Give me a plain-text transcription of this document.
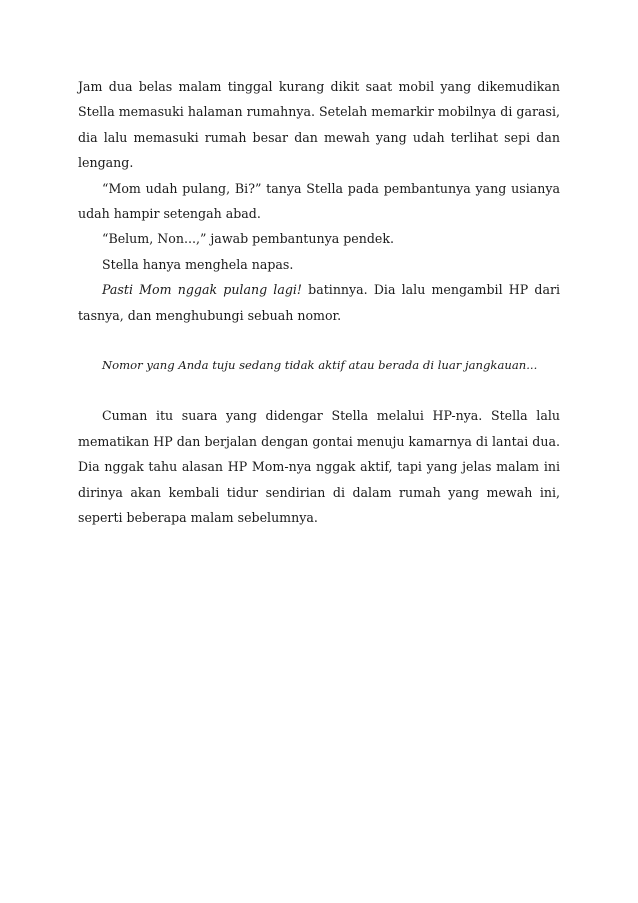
Jam dua belas malam tinggal kurang dikit saat mobil yang dikemudikan Stella memasuki halaman rumahnya. Setelah memarkir mobilnya di garasi, dia lalu memasuki rumah besar dan mewah yang udah terlihat sepi dan lengang.

“Mom udah pulang, Bi?” tanya Stella pada pembantunya yang usianya udah hampir setengah abad.

“Belum, Non...,” jawab pembantunya pendek.

Stella hanya menghela napas.

Pasti Mom nggak pulang lagi! batinnya. Dia lalu mengambil HP dari tasnya, dan menghubungi sebuah nomor.

Nomor yang Anda tuju sedang tidak aktif atau berada di luar jangkauan...

Cuman itu suara yang didengar Stella melalui HP-nya. Stella lalu mematikan HP dan berjalan dengan gontai menuju kamarnya di lantai dua. Dia nggak tahu alasan HP Mom-nya nggak aktif, tapi yang jelas malam ini dirinya akan kembali tidur sendirian di dalam rumah yang mewah ini, seperti beberapa malam sebelumnya.
